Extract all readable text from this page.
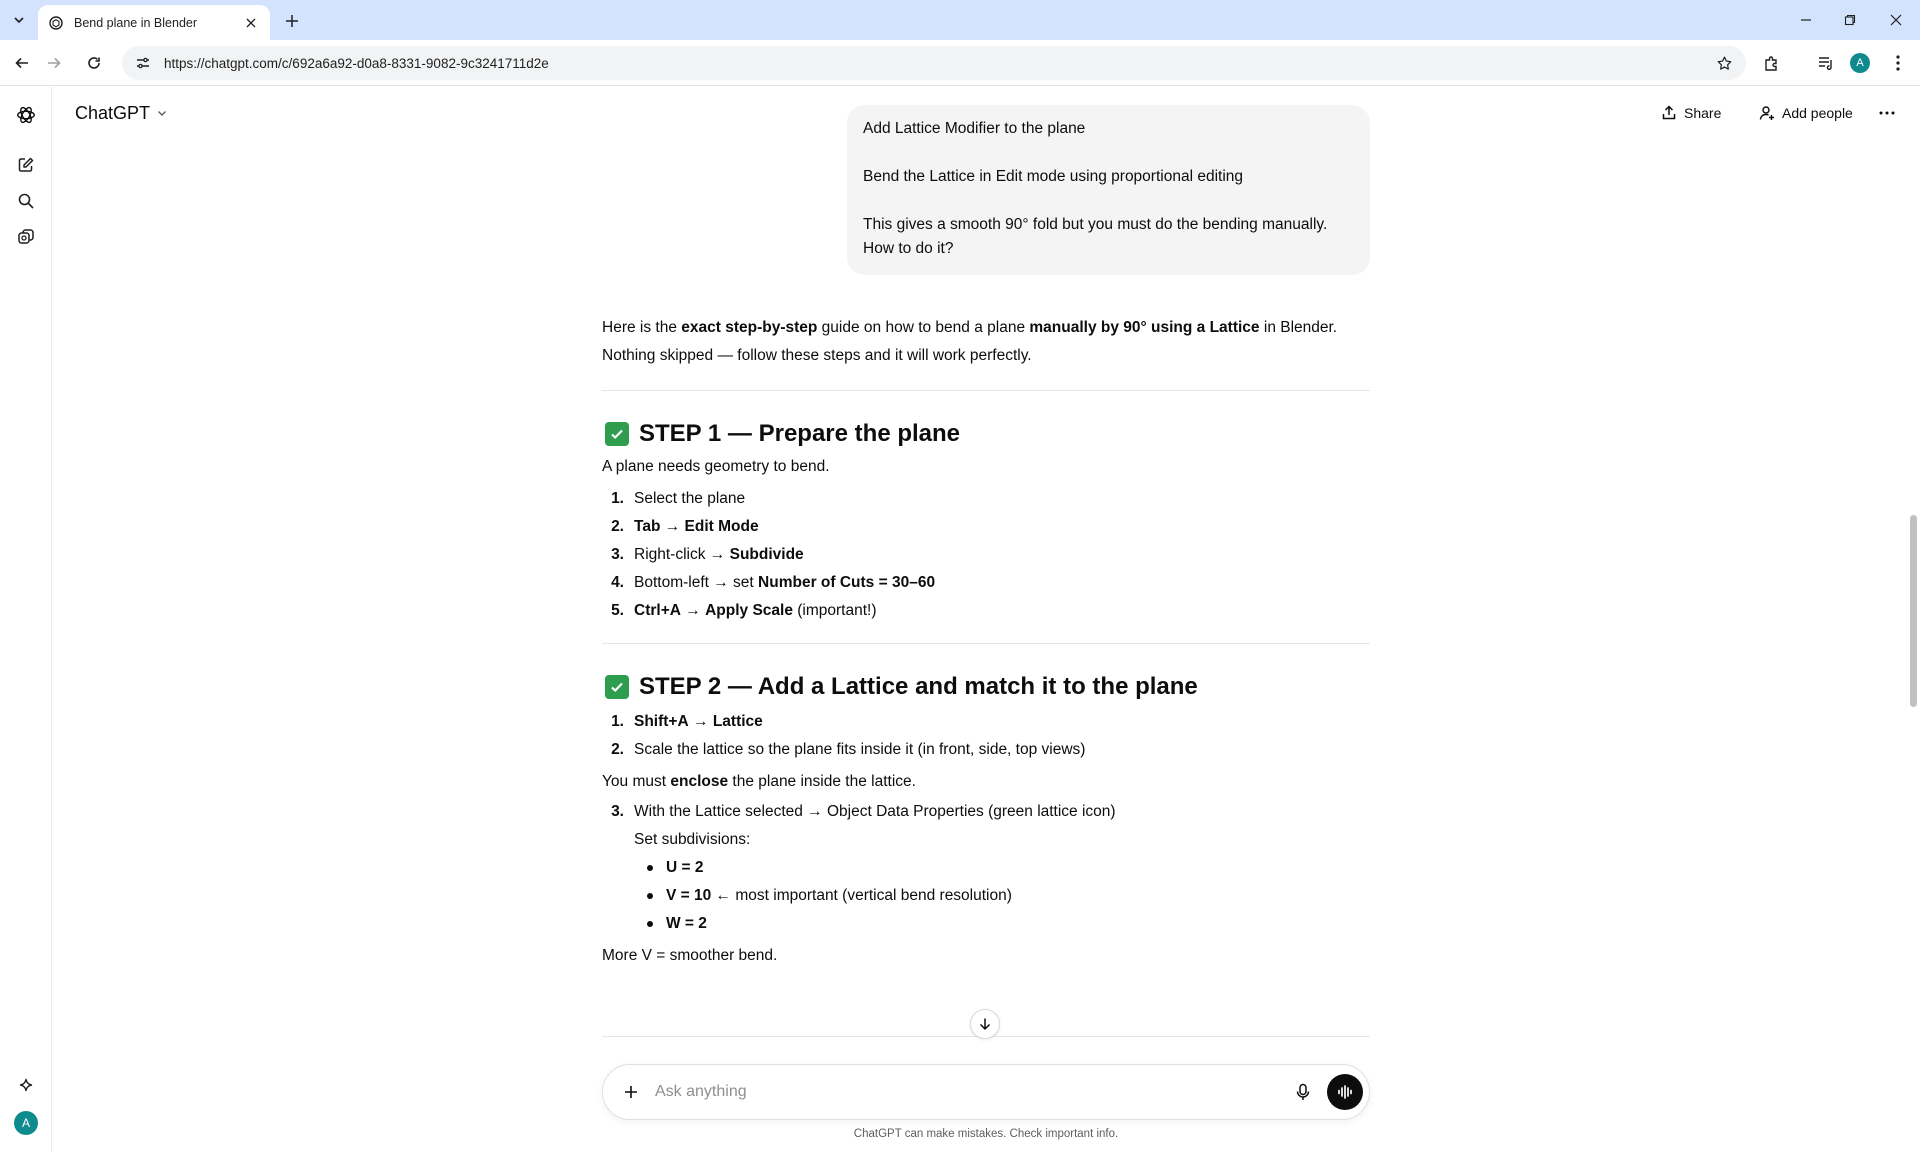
Bend plane in Blender
https://chatgpt.com/c/692a6a92-d0a8-8331-9082-9c3241711d2e	A
A
ChatGPT	Share	Add people

Add Lattice Modifier to the plane

Bend the Lattice in Edit mode using proportional editing

This gives a smooth 90° fold but you must do the bending manually. How to do it?

Here is the exact step-by-step guide on how to bend a plane manually by 90° using a Lattice in Blender. Nothing skipped — follow these steps and it will work perfectly.

STEP 1 — Prepare the plane

A plane needs geometry to bend.

1. Select the plane
2. Tab → Edit Mode
3. Right-click → Subdivide
4. Bottom-left → set Number of Cuts = 30–60
5. Ctrl+A → Apply Scale (important!)
STEP 2 — Add a Lattice and match it to the plane
1. Shift+A → Lattice
2. Scale the lattice so the plane fits inside it (in front, side, top views)

You must enclose the plane inside the lattice.

3. With the Lattice selected → Object Data Properties (green lattice icon)

Set subdivisions:

U = 2
V = 10 ← most important (vertical bend resolution)
W = 2

More V = smoother bend.

Ask anything
ChatGPT can make mistakes. Check important info.
